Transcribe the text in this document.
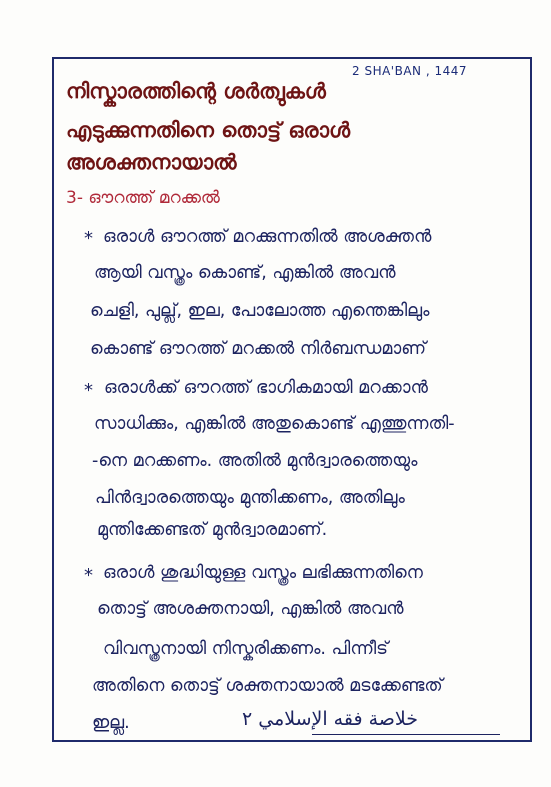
2 SHA'BAN , 1447
നിസ്കാരത്തിന്റെ ശർത്വുകൾ
എടുക്കുന്നതിനെ തൊട്ട് ഒരാൾ
അശക്തനായാൽ
3- ഔറത്ത് മറക്കൽ
*
*
*
ഒരാൾ ഔറത്ത് മറക്കുന്നതിൽ അശക്തൻ
ആയി വസ്ത്രം കൊണ്ട്, എങ്കിൽ അവൻ
ചെളി, പുല്ല്, ഇല, പോലോത്ത എന്തെങ്കിലും
കൊണ്ട് ഔറത്ത് മറക്കൽ നിർബന്ധമാണ്
ഒരാൾക്ക് ഔറത്ത് ഭാഗികമായി മറക്കാൻ
സാധിക്കും, എങ്കിൽ അതുകൊണ്ട് എത്തുന്നതി-
-നെ മറക്കണം. അതിൽ മുൻദ്വാരത്തെയും
പിൻദ്വാരത്തെയും മുന്തിക്കണം, അതിലും
മുന്തിക്കേണ്ടത് മുൻദ്വാരമാണ്.
ഒരാൾ ശുദ്ധിയുള്ള വസ്ത്രം ലഭിക്കുന്നതിനെ
തൊട്ട് അശക്തനായി, എങ്കിൽ അവൻ
വിവസ്ത്രനായി നിസ്കരിക്കണം. പിന്നീട്
അതിനെ തൊട്ട് ശക്തനായാൽ മടക്കേണ്ടത്
ഇല്ല.	خلاصة فقه الإسلامي ٢
